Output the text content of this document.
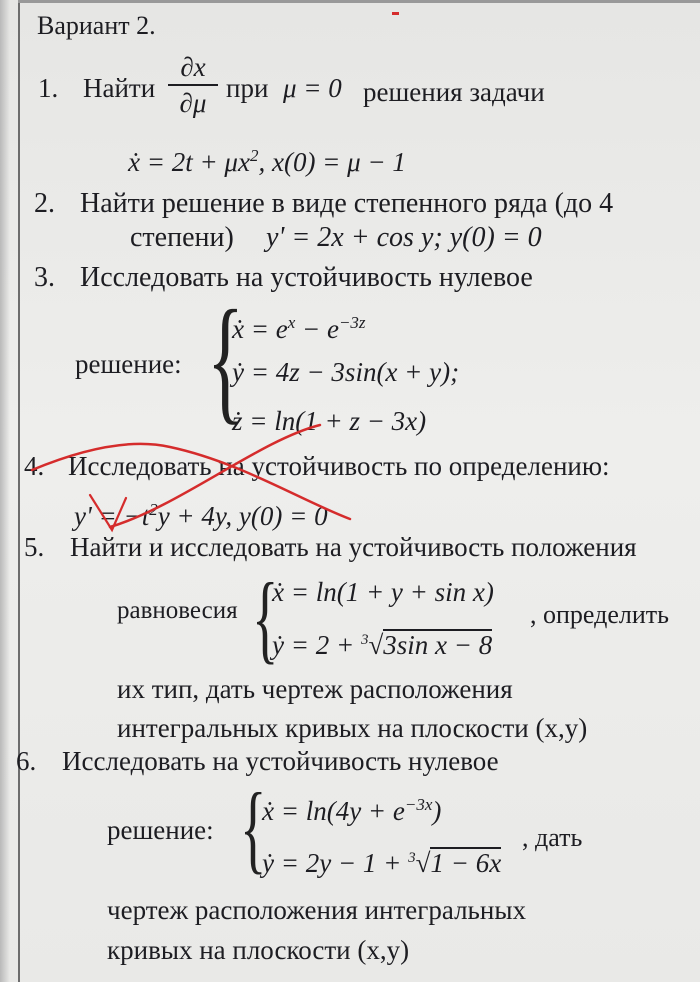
Вариант 2.
1. Найти
∂x
∂μ при μ = 0 решения задачи
ẋ = $2t + \mu x^2$, x(0) = μ − 1
2. Найти решение в виде степенного ряда (до 4
степени) y' = 2x + cos y; y(0) = 0
3. Исследовать на устойчивость нулевое
решение: {
ẋ = $e^x - e^{-3z}$
ẏ = 4z − 3sin(x + y);
ż = ln(1 + z − 3x)
4. Исследовать на устойчивость по определению:
$y' = -t^2y + 4y$, y(0) = 0
5. Найти и исследовать на устойчивость положения
равновесия {
ẋ = ln(1 + y + sin x)
ẏ = 2 + $^3$√3sin x − 8
, определить
их тип, дать чертеж расположения
интегральных кривых на плоскости (x,y)
6. Исследовать на устойчивость нулевое
решение: {
ẋ = $\ln(4y + e^{-3x})$
ẏ = 2y − 1 + $^3$√1 − 6x
, дать
чертеж расположения интегральных
кривых на плоскости (x,y)
